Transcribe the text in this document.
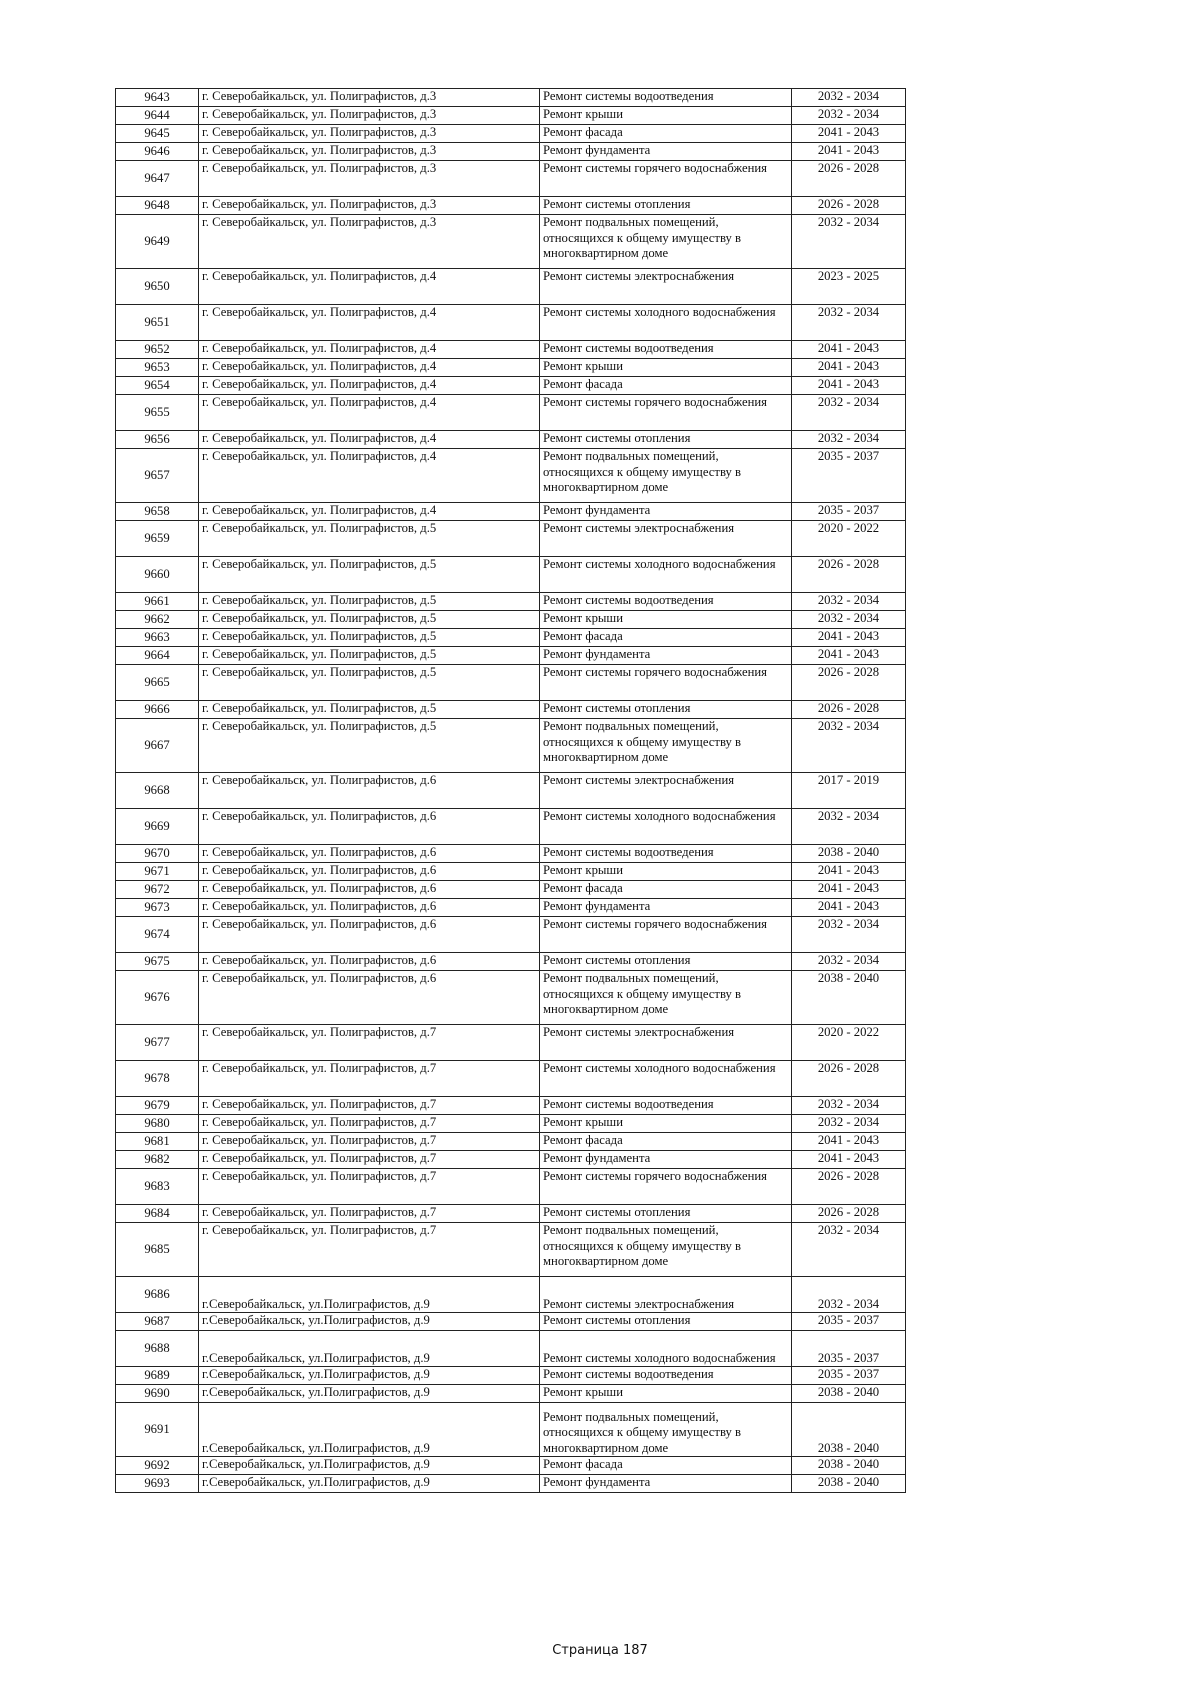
9643	г. Северобайкальск, ул. Полиграфистов, д.3	Ремонт системы водоотведения	2032 - 2034
9644	г. Северобайкальск, ул. Полиграфистов, д.3	Ремонт крыши	2032 - 2034
9645	г. Северобайкальск, ул. Полиграфистов, д.3	Ремонт фасада	2041 - 2043
9646	г. Северобайкальск, ул. Полиграфистов, д.3	Ремонт фундамента	2041 - 2043
9647	г. Северобайкальск, ул. Полиграфистов, д.3	Ремонт системы горячего водоснабжения	2026 - 2028
9648	г. Северобайкальск, ул. Полиграфистов, д.3	Ремонт системы отопления	2026 - 2028
9649	г. Северобайкальск, ул. Полиграфистов, д.3	Ремонт подвальных помещений, относящихся к общему имуществу в многоквартирном доме	2032 - 2034
9650	г. Северобайкальск, ул. Полиграфистов, д.4	Ремонт системы электроснабжения	2023 - 2025
9651	г. Северобайкальск, ул. Полиграфистов, д.4	Ремонт системы холодного водоснабжения	2032 - 2034
9652	г. Северобайкальск, ул. Полиграфистов, д.4	Ремонт системы водоотведения	2041 - 2043
9653	г. Северобайкальск, ул. Полиграфистов, д.4	Ремонт крыши	2041 - 2043
9654	г. Северобайкальск, ул. Полиграфистов, д.4	Ремонт фасада	2041 - 2043
9655	г. Северобайкальск, ул. Полиграфистов, д.4	Ремонт системы горячего водоснабжения	2032 - 2034
9656	г. Северобайкальск, ул. Полиграфистов, д.4	Ремонт системы отопления	2032 - 2034
9657	г. Северобайкальск, ул. Полиграфистов, д.4	Ремонт подвальных помещений, относящихся к общему имуществу в многоквартирном доме	2035 - 2037
9658	г. Северобайкальск, ул. Полиграфистов, д.4	Ремонт фундамента	2035 - 2037
9659	г. Северобайкальск, ул. Полиграфистов, д.5	Ремонт системы электроснабжения	2020 - 2022
9660	г. Северобайкальск, ул. Полиграфистов, д.5	Ремонт системы холодного водоснабжения	2026 - 2028
9661	г. Северобайкальск, ул. Полиграфистов, д.5	Ремонт системы водоотведения	2032 - 2034
9662	г. Северобайкальск, ул. Полиграфистов, д.5	Ремонт крыши	2032 - 2034
9663	г. Северобайкальск, ул. Полиграфистов, д.5	Ремонт фасада	2041 - 2043
9664	г. Северобайкальск, ул. Полиграфистов, д.5	Ремонт фундамента	2041 - 2043
9665	г. Северобайкальск, ул. Полиграфистов, д.5	Ремонт системы горячего водоснабжения	2026 - 2028
9666	г. Северобайкальск, ул. Полиграфистов, д.5	Ремонт системы отопления	2026 - 2028
9667	г. Северобайкальск, ул. Полиграфистов, д.5	Ремонт подвальных помещений, относящихся к общему имуществу в многоквартирном доме	2032 - 2034
9668	г. Северобайкальск, ул. Полиграфистов, д.6	Ремонт системы электроснабжения	2017 - 2019
9669	г. Северобайкальск, ул. Полиграфистов, д.6	Ремонт системы холодного водоснабжения	2032 - 2034
9670	г. Северобайкальск, ул. Полиграфистов, д.6	Ремонт системы водоотведения	2038 - 2040
9671	г. Северобайкальск, ул. Полиграфистов, д.6	Ремонт крыши	2041 - 2043
9672	г. Северобайкальск, ул. Полиграфистов, д.6	Ремонт фасада	2041 - 2043
9673	г. Северобайкальск, ул. Полиграфистов, д.6	Ремонт фундамента	2041 - 2043
9674	г. Северобайкальск, ул. Полиграфистов, д.6	Ремонт системы горячего водоснабжения	2032 - 2034
9675	г. Северобайкальск, ул. Полиграфистов, д.6	Ремонт системы отопления	2032 - 2034
9676	г. Северобайкальск, ул. Полиграфистов, д.6	Ремонт подвальных помещений, относящихся к общему имуществу в многоквартирном доме	2038 - 2040
9677	г. Северобайкальск, ул. Полиграфистов, д.7	Ремонт системы электроснабжения	2020 - 2022
9678	г. Северобайкальск, ул. Полиграфистов, д.7	Ремонт системы холодного водоснабжения	2026 - 2028
9679	г. Северобайкальск, ул. Полиграфистов, д.7	Ремонт системы водоотведения	2032 - 2034
9680	г. Северобайкальск, ул. Полиграфистов, д.7	Ремонт крыши	2032 - 2034
9681	г. Северобайкальск, ул. Полиграфистов, д.7	Ремонт фасада	2041 - 2043
9682	г. Северобайкальск, ул. Полиграфистов, д.7	Ремонт фундамента	2041 - 2043
9683	г. Северобайкальск, ул. Полиграфистов, д.7	Ремонт системы горячего водоснабжения	2026 - 2028
9684	г. Северобайкальск, ул. Полиграфистов, д.7	Ремонт системы отопления	2026 - 2028
9685	г. Северобайкальск, ул. Полиграфистов, д.7	Ремонт подвальных помещений, относящихся к общему имуществу в многоквартирном доме	2032 - 2034
9686	г.Северобайкальск, ул.Полиграфистов, д.9	Ремонт системы электроснабжения	2032 - 2034
9687	г.Северобайкальск, ул.Полиграфистов, д.9	Ремонт системы отопления	2035 - 2037
9688	г.Северобайкальск, ул.Полиграфистов, д.9	Ремонт системы холодного водоснабжения	2035 - 2037
9689	г.Северобайкальск, ул.Полиграфистов, д.9	Ремонт системы водоотведения	2035 - 2037
9690	г.Северобайкальск, ул.Полиграфистов, д.9	Ремонт крыши	2038 - 2040
9691	г.Северобайкальск, ул.Полиграфистов, д.9	Ремонт подвальных помещений, относящихся к общему имуществу в многоквартирном доме	2038 - 2040
9692	г.Северобайкальск, ул.Полиграфистов, д.9	Ремонт фасада	2038 - 2040
9693	г.Северобайкальск, ул.Полиграфистов, д.9	Ремонт фундамента	2038 - 2040
Страница 187
